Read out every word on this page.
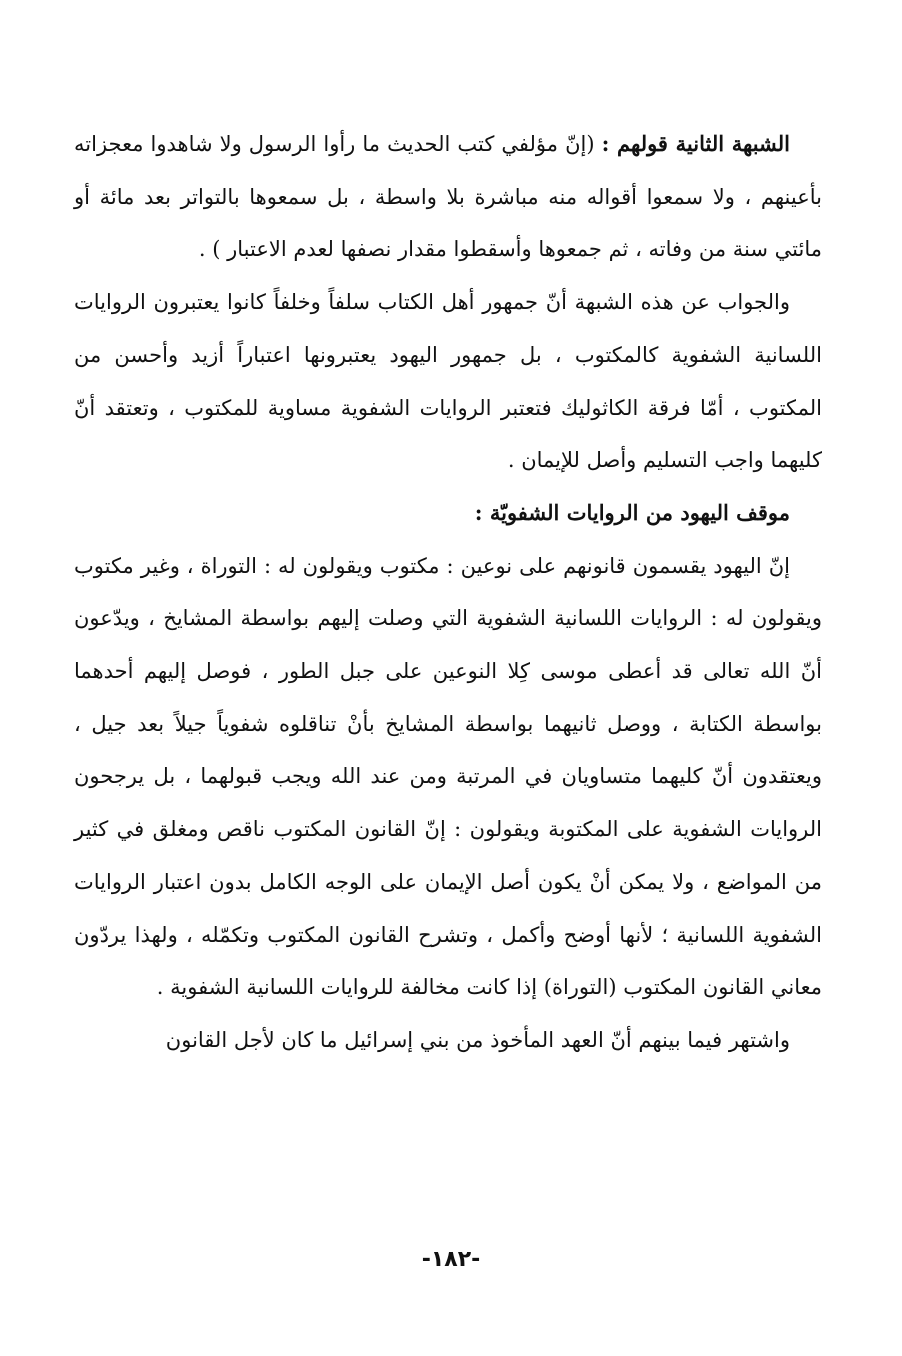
الشبهة الثانية قولهم : (إنّ مؤلفي كتب الحديث ما رأوا الرسول ولا شاهدوا معجزاته بأعينهم ، ولا سمعوا أقواله منه مباشرة بلا واسطة ، بل سمعوها بالتواتر بعد مائة أو مائتي سنة من وفاته ، ثم جمعوها وأسقطوا مقدار نصفها لعدم الاعتبار ) .

والجواب عن هذه الشبهة أنّ جمهور أهل الكتاب سلفاً وخلفاً كانوا يعتبرون الروايات اللسانية الشفوية كالمكتوب ، بل جمهور اليهود يعتبرونها اعتباراً أزيد وأحسن من المكتوب ، أمّا فرقة الكاثوليك فتعتبر الروايات الشفوية مساوية للمكتوب ، وتعتقد أنّ كليهما واجب التسليم وأصل للإيمان .

موقف اليهود من الروايات الشفويّة :

إنّ اليهود يقسمون قانونهم على نوعين : مكتوب ويقولون له : التوراة ، وغير مكتوب ويقولون له : الروايات اللسانية الشفوية التي وصلت إليهم بواسطة المشايخ ، ويدّعون أنّ الله تعالى قد أعطى موسى كِلا النوعين على جبل الطور ، فوصل إليهم أحدهما بواسطة الكتابة ، ووصل ثانيهما بواسطة المشايخ بأنْ تناقلوه شفوياً جيلاً بعد جيل ، ويعتقدون أنّ كليهما متساويان في المرتبة ومن عند الله ويجب قبولهما ، بل يرجحون الروايات الشفوية على المكتوبة ويقولون : إنّ القانون المكتوب ناقص ومغلق في كثير من المواضع ، ولا يمكن أنْ يكون أصل الإيمان على الوجه الكامل بدون اعتبار الروايات الشفوية اللسانية ؛ لأنها أوضح وأكمل ، وتشرح القانون المكتوب وتكمّله ، ولهذا يردّون معاني القانون المكتوب (التوراة) إذا كانت مخالفة للروايات اللسانية الشفوية .

واشتهر فيما بينهم أنّ العهد المأخوذ من بني إسرائيل ما كان لأجل القانون

-١٨٢-
